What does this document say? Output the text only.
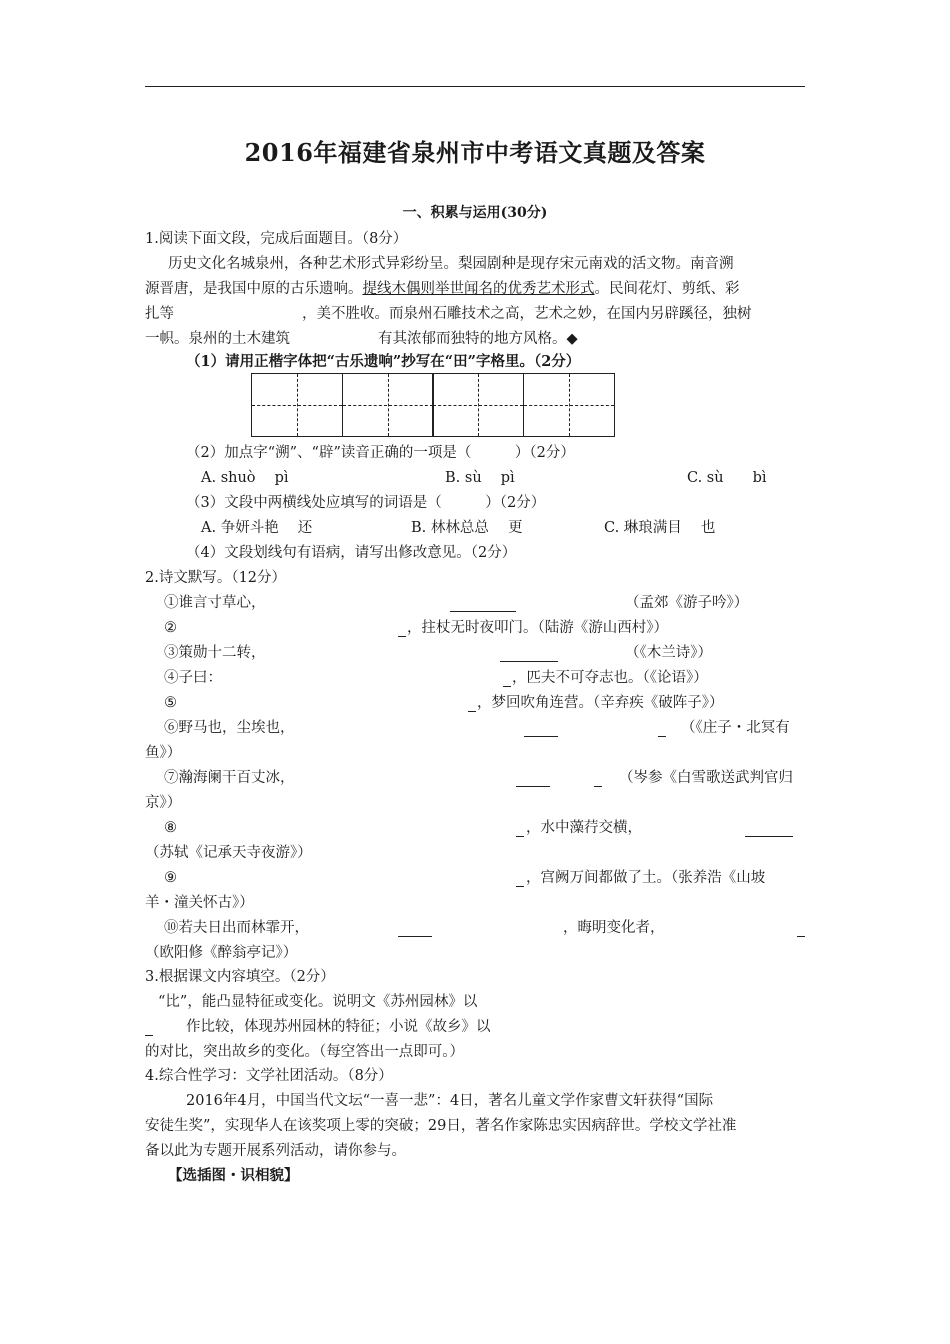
2016年福建省泉州市中考语文真题及答案
一、积累与运用(30分)
1.阅读下面文段，完成后面题目。（8分）
历史文化名城泉州，各种艺术形式异彩纷呈。梨园剧种是现存宋元南戏的活文物。南音溯
源晋唐，是我国中原的古乐遗响。提线木偶则举世闻名的优秀艺术形式。民间花灯、剪纸、彩
扎等	，美不胜收。而泉州石雕技术之高，艺术之妙，在国内另辟蹊径，独树
一帜。泉州的土木建筑	有其浓郁而独特的地方风格。◆
（1）请用正楷字体把“古乐遗响”抄写在“田”字格里。（2分）
（2）加点字“溯”、“辟”读音正确的一项是（　　　）（2分）
A. shuò　 pì	B. sù　 pì	C. sù　　bì
（3）文段中两横线处应填写的词语是（　　　）（2分）
A. 争妍斗艳　 还	B. 林林总总　 更	C. 琳琅满目　 也
（4）文段划线句有语病，请写出修改意见。（2分）
2.诗文默写。（12分）
①谁言寸草心，	（孟郊《游子吟》）
②	，拄杖无时夜叩门。（陆游《游山西村》）
③策勋十二转，	（《木兰诗》）
④子曰：	，匹夫不可夺志也。（《论语》）
⑤	，梦回吹角连营。（辛弃疾《破阵子》）
⑥野马也，尘埃也，	（《庄子・北冥有
鱼》）
⑦瀚海阑干百丈冰，	（岑参《白雪歌送武判官归
京》）
⑧	，水中藻荇交横，
（苏轼《记承天寺夜游》）
⑨	，宫阙万间都做了土。（张养浩《山坡
羊・潼关怀古》）
⑩若夫日出而林霏开，	，晦明变化者，
（欧阳修《醉翁亭记》）
3.根据课文内容填空。（2分）
“比”，能凸显特征或变化。说明文《苏州园林》以
作比较，体现苏州园林的特征；小说《故乡》以
的对比，突出故乡的变化。（每空答出一点即可。）
4.综合性学习：文学社团活动。（8分）
2016年4月，中国当代文坛“一喜一悲”：4日，著名儿童文学作家曹文轩获得“国际
安徒生奖”，实现华人在该奖项上零的突破；29日，著名作家陈忠实因病辞世。学校文学社准
备以此为专题开展系列活动，请你参与。
【选插图・识相貌】
